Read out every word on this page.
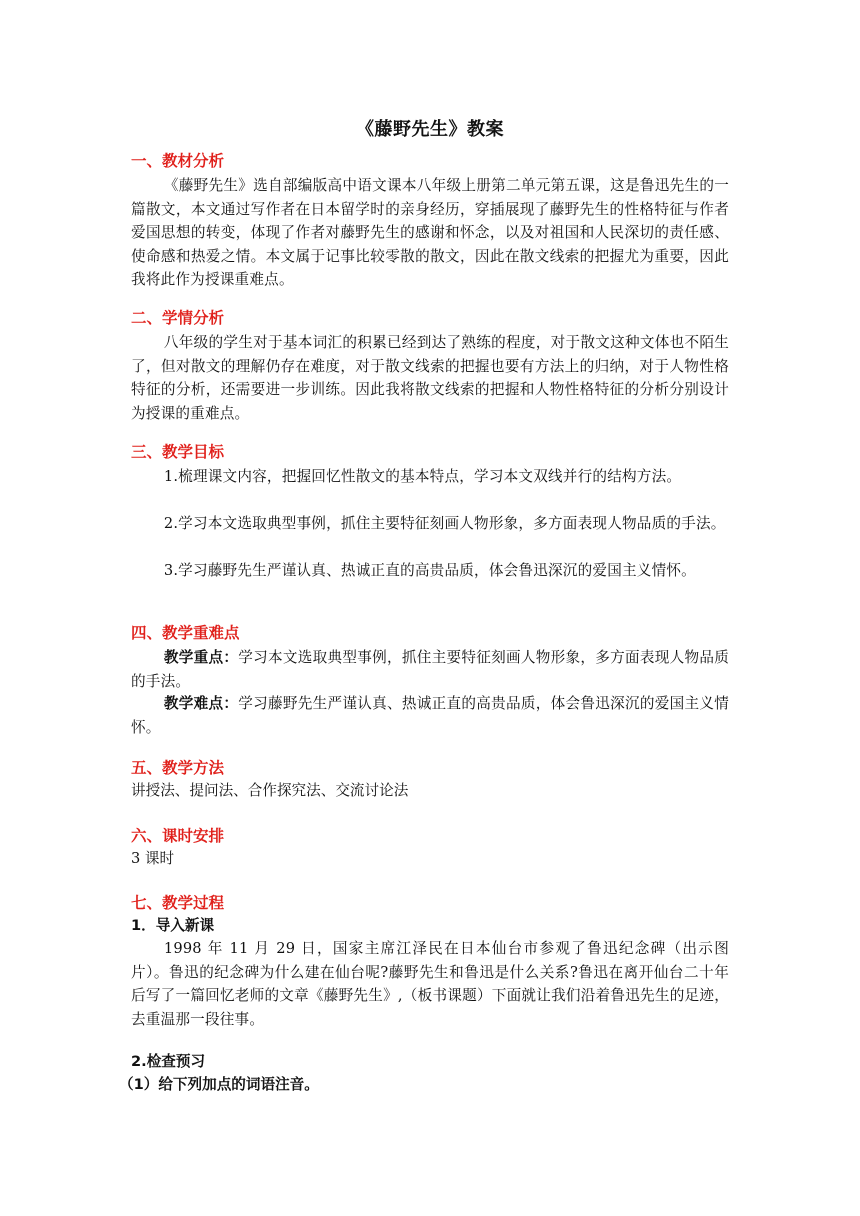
《藤野先生》教案
一、教材分析
《藤野先生》选自部编版高中语文课本八年级上册第二单元第五课，这是鲁迅先生的一篇散文，本文通过写作者在日本留学时的亲身经历，穿插展现了藤野先生的性格特征与作者爱国思想的转变，体现了作者对藤野先生的感谢和怀念，以及对祖国和人民深切的责任感、使命感和热爱之情。本文属于记事比较零散的散文，因此在散文线索的把握尤为重要，因此我将此作为授课重难点。
二、学情分析
八年级的学生对于基本词汇的积累已经到达了熟练的程度，对于散文这种文体也不陌生了，但对散文的理解仍存在难度，对于散文线索的把握也要有方法上的归纳，对于人物性格特征的分析，还需要进一步训练。因此我将散文线索的把握和人物性格特征的分析分别设计为授课的重难点。
三、教学目标
1.梳理课文内容，把握回忆性散文的基本特点，学习本文双线并行的结构方法。
2.学习本文选取典型事例，抓住主要特征刻画人物形象，多方面表现人物品质的手法。
3.学习藤野先生严谨认真、热诚正直的高贵品质，体会鲁迅深沉的爱国主义情怀。
四、教学重难点
教学重点：学习本文选取典型事例，抓住主要特征刻画人物形象，多方面表现人物品质的手法。
教学难点：学习藤野先生严谨认真、热诚正直的高贵品质，体会鲁迅深沉的爱国主义情怀。
五、教学方法
讲授法、提问法、合作探究法、交流讨论法
六、课时安排
3 课时
七、教学过程
1．导入新课
1998 年 11 月 29 日，国家主席江泽民在日本仙台市参观了鲁迅纪念碑（出示图片）。鲁迅的纪念碑为什么建在仙台呢?藤野先生和鲁迅是什么关系?鲁迅在离开仙台二十年后写了一篇回忆老师的文章《藤野先生》,（板书课题）下面就让我们沿着鲁迅先生的足迹，去重温那一段往事。
2.检查预习
（1）给下列加点的词语注音。
